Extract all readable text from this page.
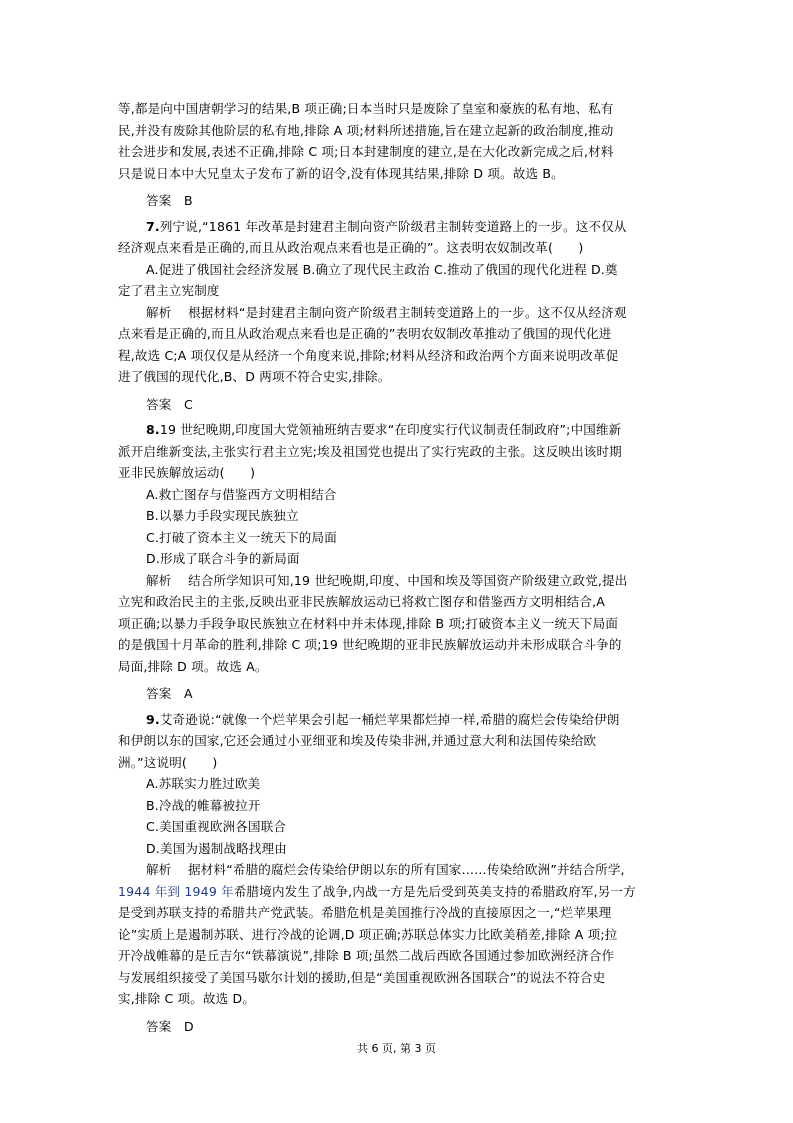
等,都是向中国唐朝学习的结果,B 项正确;日本当时只是废除了皇室和豪族的私有地、私有

民,并没有废除其他阶层的私有地,排除 A 项;材料所述措施,旨在建立起新的政治制度,推动

社会进步和发展,表述不正确,排除 C 项;日本封建制度的建立,是在大化改新完成之后,材料

只是说日本中大兄皇太子发布了新的诏令,没有体现其结果,排除 D 项。故选 B。

答案 B

7.列宁说,“1861 年改革是封建君主制向资产阶级君主制转变道路上的一步。这不仅从

经济观点来看是正确的,而且从政治观点来看也是正确的”。这表明农奴制改革(　　)

A.促进了俄国社会经济发展 B.确立了现代民主政治 C.推动了俄国的现代化进程 D.奠

定了君主立宪制度

解析 根据材料“是封建君主制向资产阶级君主制转变道路上的一步。这不仅从经济观

点来看是正确的,而且从政治观点来看也是正确的”表明农奴制改革推动了俄国的现代化进

程,故选 C;A 项仅仅是从经济一个角度来说,排除;材料从经济和政治两个方面来说明改革促

进了俄国的现代化,B、D 两项不符合史实,排除。

答案 C

8.19 世纪晚期,印度国大党领袖班纳吉要求“在印度实行代议制责任制政府”;中国维新

派开启维新变法,主张实行君主立宪;埃及祖国党也提出了实行宪政的主张。这反映出该时期

亚非民族解放运动(　　)

A.救亡图存与借鉴西方文明相结合

B.以暴力手段实现民族独立

C.打破了资本主义一统天下的局面

D.形成了联合斗争的新局面

解析 结合所学知识可知,19 世纪晚期,印度、中国和埃及等国资产阶级建立政党,提出

立宪和政治民主的主张,反映出亚非民族解放运动已将救亡图存和借鉴西方文明相结合,A

项正确;以暴力手段争取民族独立在材料中并未体现,排除 B 项;打破资本主义一统天下局面

的是俄国十月革命的胜利,排除 C 项;19 世纪晚期的亚非民族解放运动并未形成联合斗争的

局面,排除 D 项。故选 A。

答案 A

9.艾奇逊说:“就像一个烂苹果会引起一桶烂苹果都烂掉一样,希腊的腐烂会传染给伊朗

和伊朗以东的国家,它还会通过小亚细亚和埃及传染非洲,并通过意大利和法国传染给欧

洲。”这说明(　　)

A.苏联实力胜过欧美

B.冷战的帷幕被拉开

C.美国重视欧洲各国联合

D.美国为遏制战略找理由

解析 据材料“希腊的腐烂会传染给伊朗以东的所有国家……传染给欧洲”并结合所学,

1944 年到 1949 年希腊境内发生了战争,内战一方是先后受到英美支持的希腊政府军,另一方

是受到苏联支持的希腊共产党武装。希腊危机是美国推行冷战的直接原因之一,“烂苹果理

论”实质上是遏制苏联、进行冷战的论调,D 项正确;苏联总体实力比欧美稍差,排除 A 项;拉

开冷战帷幕的是丘吉尔“铁幕演说”,排除 B 项;虽然二战后西欧各国通过参加欧洲经济合作

与发展组织接受了美国马歇尔计划的援助,但是“美国重视欧洲各国联合”的说法不符合史

实,排除 C 项。故选 D。

答案 D

共 6 页, 第 3 页
